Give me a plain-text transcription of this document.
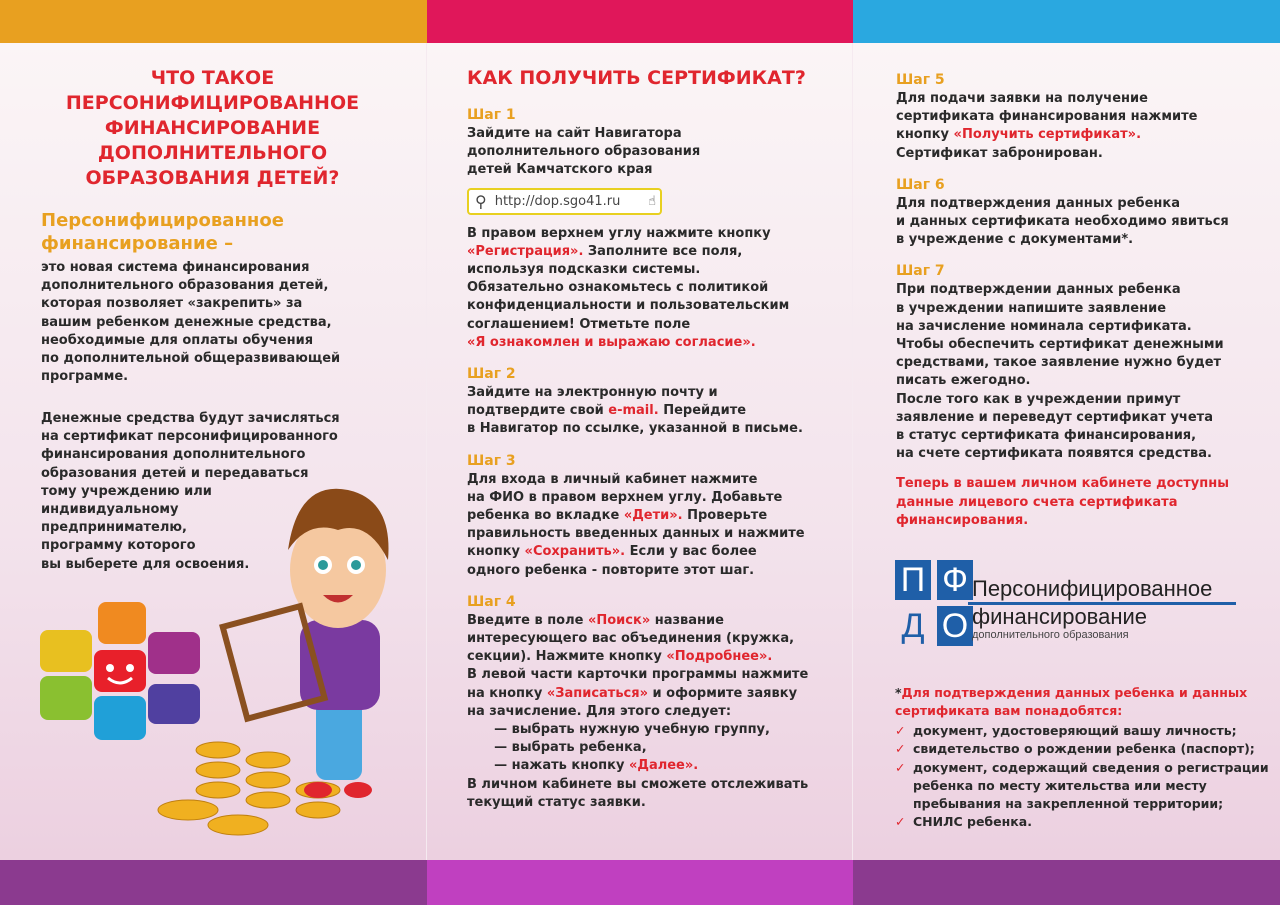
ЧТО ТАКОЕ
ПЕРСОНИФИЦИРОВАННОЕ
ФИНАНСИРОВАНИЕ
ДОПОЛНИТЕЛЬНОГО
ОБРАЗОВАНИЯ ДЕТЕЙ?
Персонифицированное
финансирование –
это новая система финансирования
дополнительного образования детей,
которая позволяет «закрепить» за
вашим ребенком денежные средства,
необходимые для оплаты обучения
по дополнительной общеразвивающей
программе.
Денежные средства будут зачисляться
на сертификат персонифицированного
финансирования дополнительного
образования детей и передаваться
тому учреждению или
индивидуальному
предпринимателю,
программу которого
вы выберете для освоения.
КАК ПОЛУЧИТЬ СЕРТИФИКАТ?
Шаг 1
Зайдите на сайт Навигатора
дополнительного образования
детей Камчатского края
⚲ http://dop.sgo41.ru ☝
В правом верхнем углу нажмите кнопку
«Регистрация». Заполните все поля,
используя подсказки системы.
Обязательно ознакомьтесь с политикой
конфиденциальности и пользовательским
соглашением! Отметьте поле
«Я ознакомлен и выражаю согласие».
Шаг 2
Зайдите на электронную почту и
подтвердите свой e-mail. Перейдите
в Навигатор по ссылке, указанной в письме.
Шаг 3
Для входа в личный кабинет нажмите
на ФИО в правом верхнем углу. Добавьте
ребенка во вкладке «Дети». Проверьте
правильность введенных данных и нажмите
кнопку «Сохранить». Если у вас более
одного ребенка - повторите этот шаг.
Шаг 4
Введите в поле «Поиск» название
интересующего вас объединения (кружка,
секции). Нажмите кнопку «Подробнее».
В левой части карточки программы нажмите
на кнопку «Записаться» и оформите заявку
на зачисление. Для этого следует:
— выбрать нужную учебную группу,
— выбрать ребенка,
— нажать кнопку «Далее».
В личном кабинете вы сможете отслеживать
текущий статус заявки.
Шаг 5
Для подачи заявки на получение
сертификата финансирования нажмите
кнопку «Получить сертификат».
Сертификат забронирован.
Шаг 6
Для подтверждения данных ребенка
и данных сертификата необходимо явиться
в учреждение с документами*.
Шаг 7
При подтверждении данных ребенка
в учреждении напишите заявление
на зачисление номинала сертификата.
Чтобы обеспечить сертификат денежными
средствами, такое заявление нужно будет
писать ежегодно.
После того как в учреждении примут
заявление и переведут сертификат учета
в статус сертификата финансирования,
на счете сертификата появятся средства.
Теперь в вашем личном кабинете доступны
данные лицевого счета сертификата
финансирования.
П Ф
Д О
Персонифицированное
финансирование
дополнительного образования
*Для подтверждения данных ребенка и данных
сертификата вам понадобятся:
✓ документ, удостоверяющий вашу личность;
✓ свидетельство о рождении ребенка (паспорт);
✓ документ, содержащий сведения о регистрации
ребенка по месту жительства или месту
пребывания на закрепленной территории;
✓ СНИЛС ребенка.
